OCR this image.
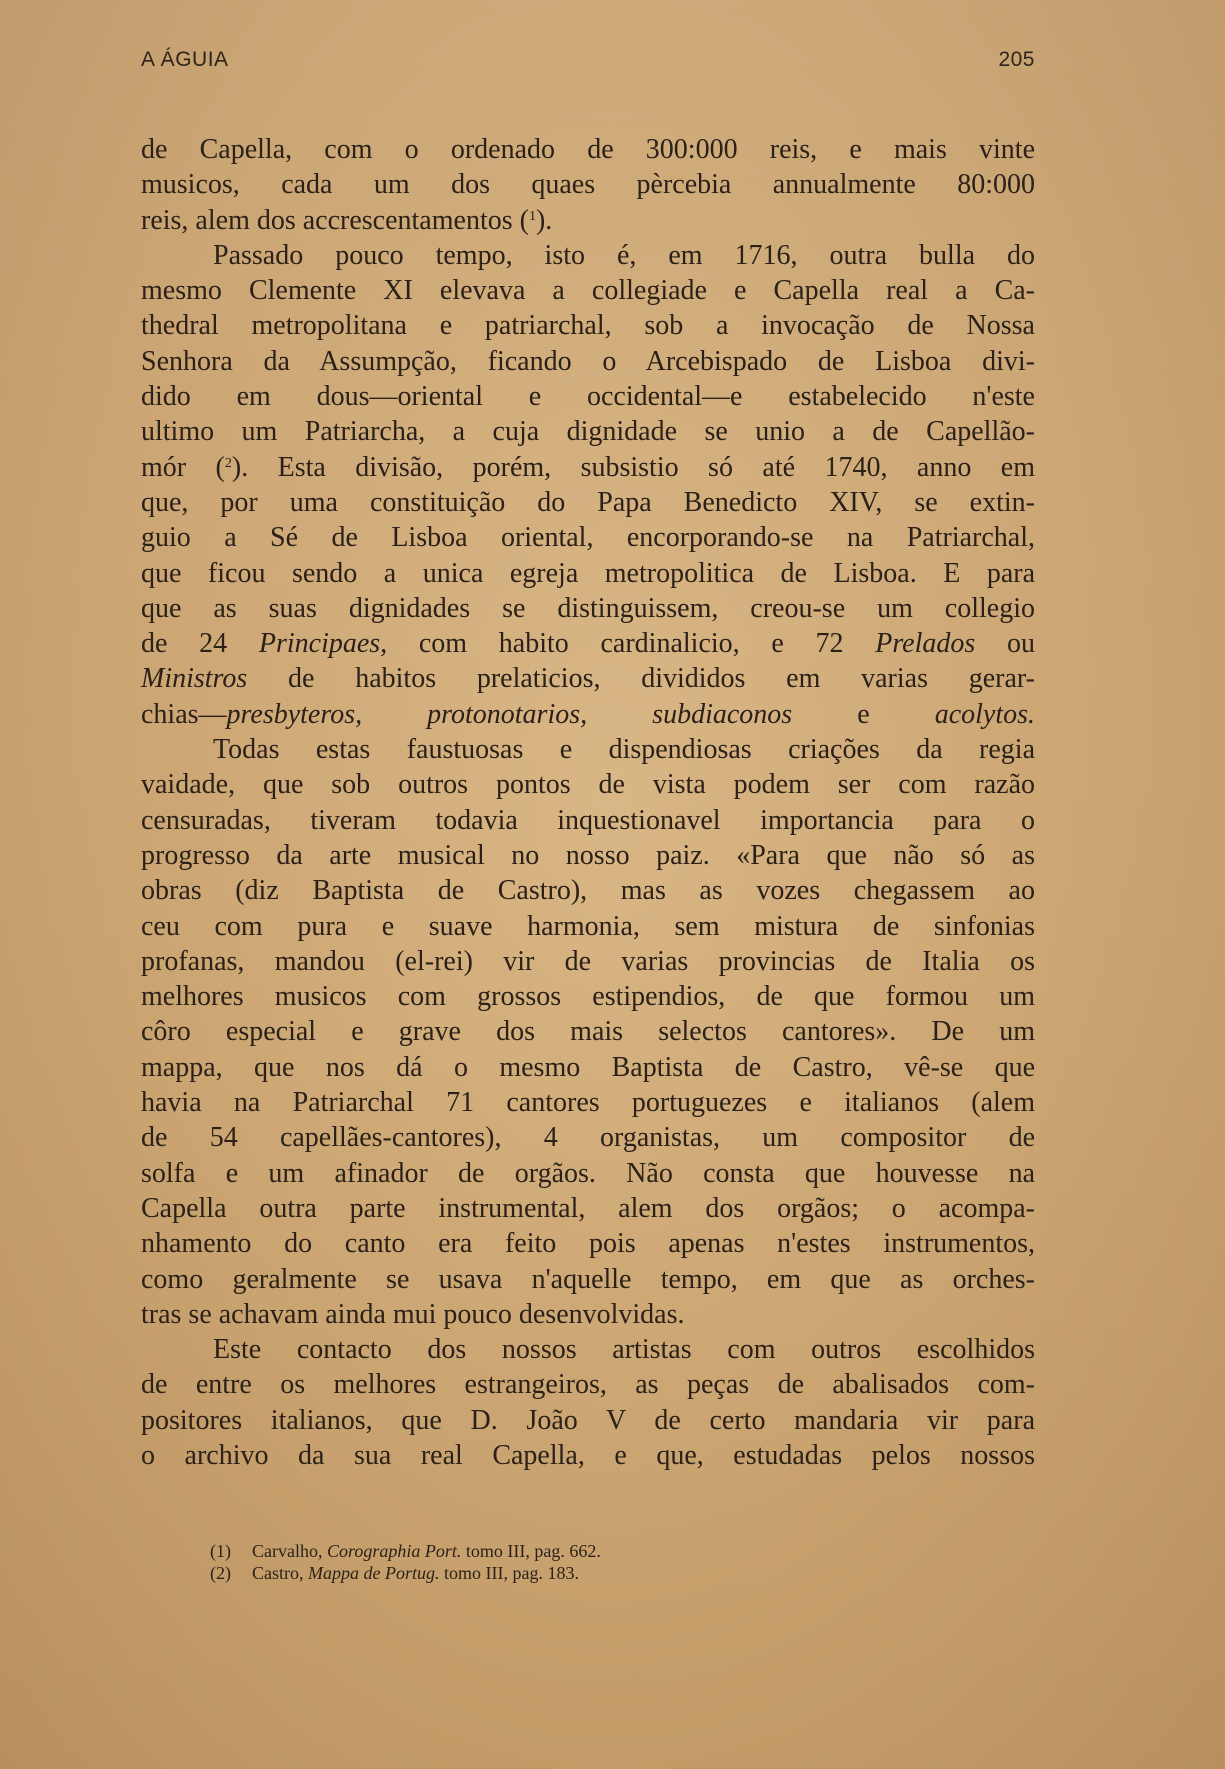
A ÁGUIA	205
de Capella, com o ordenado de 300:000 reis, e mais vinte
musicos, cada um dos quaes pèrcebia annualmente 80:000
reis, alem dos accrescentamentos ($^1$).
Passado pouco tempo, isto é, em 1716, outra bulla do
mesmo Clemente XI elevava a collegiade e Capella real a Ca-
thedral metropolitana e patriarchal, sob a invocação de Nossa
Senhora da Assumpção, ficando o Arcebispado de Lisboa divi-
dido em dous—oriental e occidental—e estabelecido n'este
ultimo um Patriarcha, a cuja dignidade se unio a de Capellão-
mór ($^2$). Esta divisão, porém, subsistio só até 1740, anno em
que, por uma constituição do Papa Benedicto XIV, se extin-
guio a Sé de Lisboa oriental, encorporando-se na Patriarchal,
que ficou sendo a unica egreja metropolitica de Lisboa. E para
que as suas dignidades se distinguissem, creou-se um collegio
de 24 Principaes, com habito cardinalicio, e 72 Prelados ou
Ministros de habitos prelaticios, divididos em varias gerar-
chias—presbyteros, protonotarios, subdiaconos e acolytos.
Todas estas faustuosas e dispendiosas criações da regia
vaidade, que sob outros pontos de vista podem ser com razão
censuradas, tiveram todavia inquestionavel importancia para o
progresso da arte musical no nosso paiz. «Para que não só as
obras (diz Baptista de Castro), mas as vozes chegassem ao
ceu com pura e suave harmonia, sem mistura de sinfonias
profanas, mandou (el-rei) vir de varias provincias de Italia os
melhores musicos com grossos estipendios, de que formou um
côro especial e grave dos mais selectos cantores». De um
mappa, que nos dá o mesmo Baptista de Castro, vê-se que
havia na Patriarchal 71 cantores portuguezes e italianos (alem
de 54 capellães-cantores), 4 organistas, um compositor de
solfa e um afinador de orgãos. Não consta que houvesse na
Capella outra parte instrumental, alem dos orgãos; o acompa-
nhamento do canto era feito pois apenas n'estes instrumentos,
como geralmente se usava n'aquelle tempo, em que as orches-
tras se achavam ainda mui pouco desenvolvidas.
Este contacto dos nossos artistas com outros escolhidos
de entre os melhores estrangeiros, as peças de abalisados com-
positores italianos, que D. João V de certo mandaria vir para
o archivo da sua real Capella, e que, estudadas pelos nossos
(1)	Carvalho, Corographia Port. tomo III, pag. 662.
(2)	Castro, Mappa de Portug. tomo III, pag. 183.
